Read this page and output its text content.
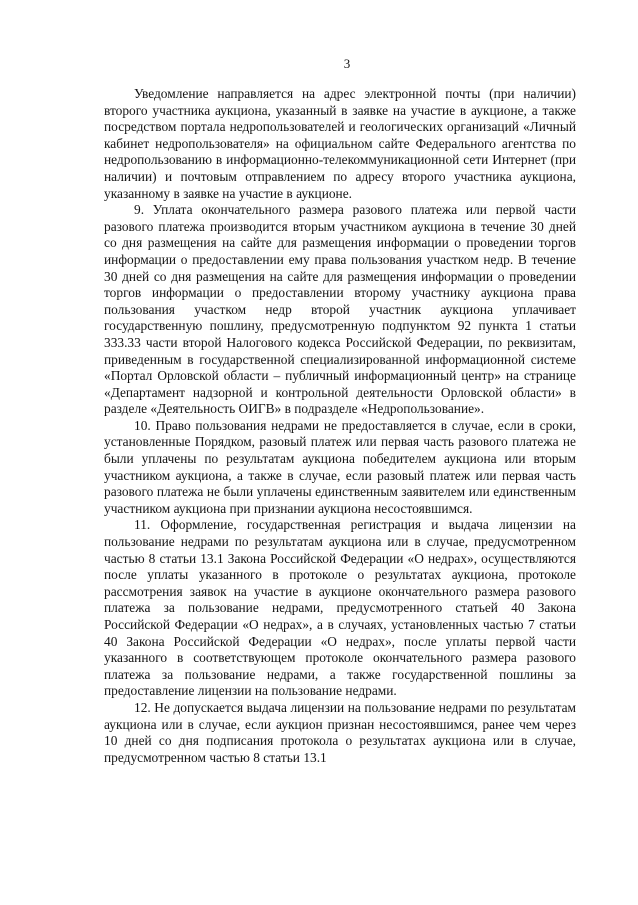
3

Уведомление направляется на адрес электронной почты (при наличии) второго участника аукциона, указанный в заявке на участие в аукционе, а также посредством портала недропользователей и геологических организаций «Личный кабинет недропользователя» на официальном сайте Федерального агентства по недропользованию в информационно-телекоммуникационной сети Интернет (при наличии) и почтовым отправлением по адресу второго участника аукциона, указанному в заявке на участие в аукционе.

9. Уплата окончательного размера разового платежа или первой части разового платежа производится вторым участником аукциона в течение 30 дней со дня размещения на сайте для размещения информации о проведении торгов информации о предоставлении ему права пользования участком недр. В течение 30 дней со дня размещения на сайте для размещения информации о проведении торгов информации о предоставлении второму участнику аукциона права пользования участком недр второй участник аукциона уплачивает государственную пошлину, предусмотренную подпунктом 92 пункта 1 статьи 333.33 части второй Налогового кодекса Российской Федерации, по реквизитам, приведенным в государственной специализированной информационной системе «Портал Орловской области – публичный информационный центр» на странице «Департамент надзорной и контрольной деятельности Орловской области» в разделе «Деятельность ОИГВ» в подразделе «Недропользование».

10. Право пользования недрами не предоставляется в случае, если в сроки, установленные Порядком, разовый платеж или первая часть разового платежа не были уплачены по результатам аукциона победителем аукциона или вторым участником аукциона, а также в случае, если разовый платеж или первая часть разового платежа не были уплачены единственным заявителем или единственным участником аукциона при признании аукциона несостоявшимся.

11. Оформление, государственная регистрация и выдача лицензии на пользование недрами по результатам аукциона или в случае, предусмотренном частью 8 статьи 13.1 Закона Российской Федерации «О недрах», осуществляются после уплаты указанного в протоколе о результатах аукциона, протоколе рассмотрения заявок на участие в аукционе окончательного размера разового платежа за пользование недрами, предусмотренного статьей 40 Закона Российской Федерации «О недрах», а в случаях, установленных частью 7 статьи 40 Закона Российской Федерации «О недрах», после уплаты первой части указанного в соответствующем протоколе окончательного размера разового платежа за пользование недрами, а также государственной пошлины за предоставление лицензии на пользование недрами.

12. Не допускается выдача лицензии на пользование недрами по результатам аукциона или в случае, если аукцион признан несостоявшимся, ранее чем через 10 дней со дня подписания протокола о результатах аукциона или в случае, предусмотренном частью 8 статьи 13.1
